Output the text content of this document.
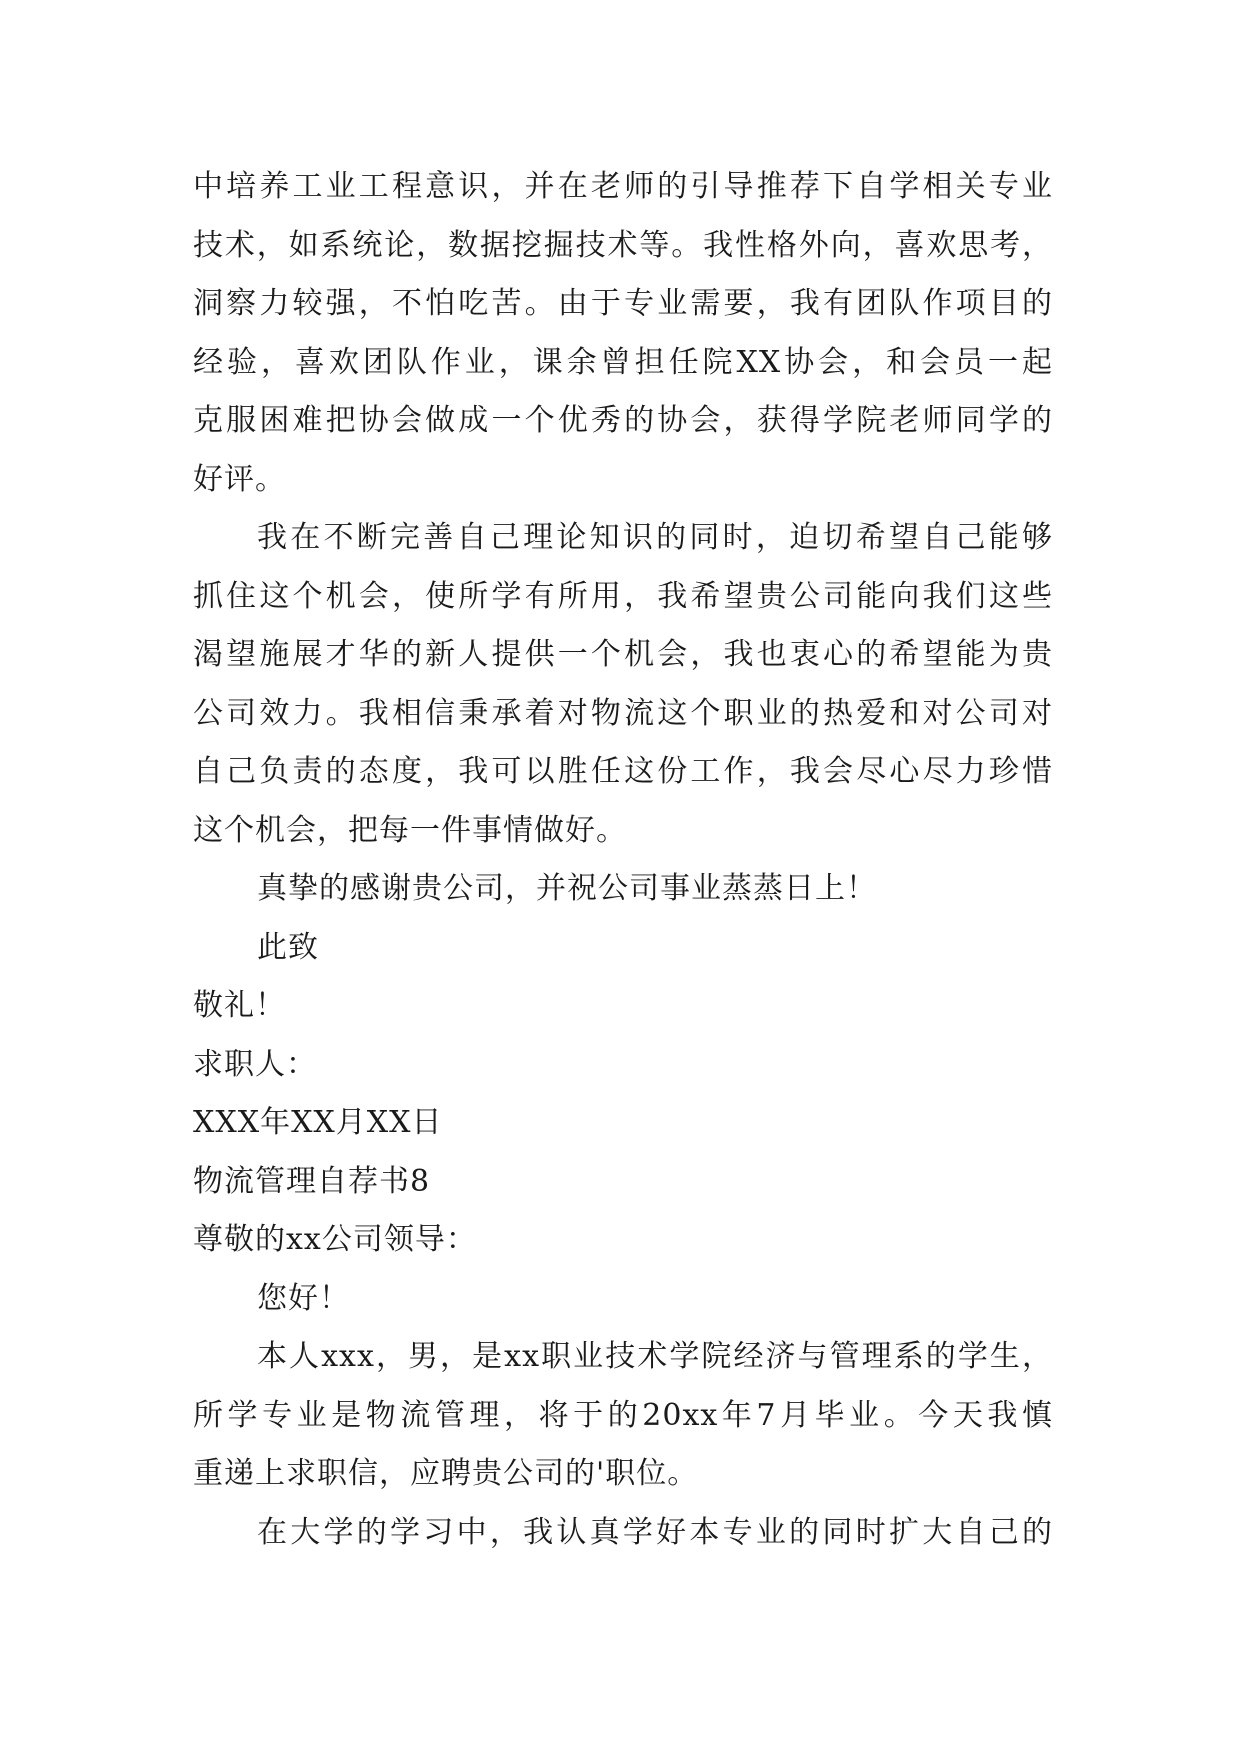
中培养工业工程意识，并在老师的引导推荐下自学相关专业
技术，如系统论，数据挖掘技术等。我性格外向，喜欢思考，
洞察力较强，不怕吃苦。由于专业需要，我有团队作项目的
经验，喜欢团队作业，课余曾担任院XX协会，和会员一起
克服困难把协会做成一个优秀的协会，获得学院老师同学的
好评。
我在不断完善自己理论知识的同时，迫切希望自己能够
抓住这个机会，使所学有所用，我希望贵公司能向我们这些
渴望施展才华的新人提供一个机会，我也衷心的希望能为贵
公司效力。我相信秉承着对物流这个职业的热爱和对公司对
自己负责的态度，我可以胜任这份工作，我会尽心尽力珍惜
这个机会，把每一件事情做好。
真挚的感谢贵公司，并祝公司事业蒸蒸日上！
此致
敬礼！
求职人：
XXX年XX月XX日
物流管理自荐书8
尊敬的xx公司领导：
您好！
本人xxx，男，是xx职业技术学院经济与管理系的学生，
所学专业是物流管理，将于的20xx年7月毕业。今天我慎
重递上求职信，应聘贵公司的'职位。
在大学的学习中，我认真学好本专业的同时扩大自己的
